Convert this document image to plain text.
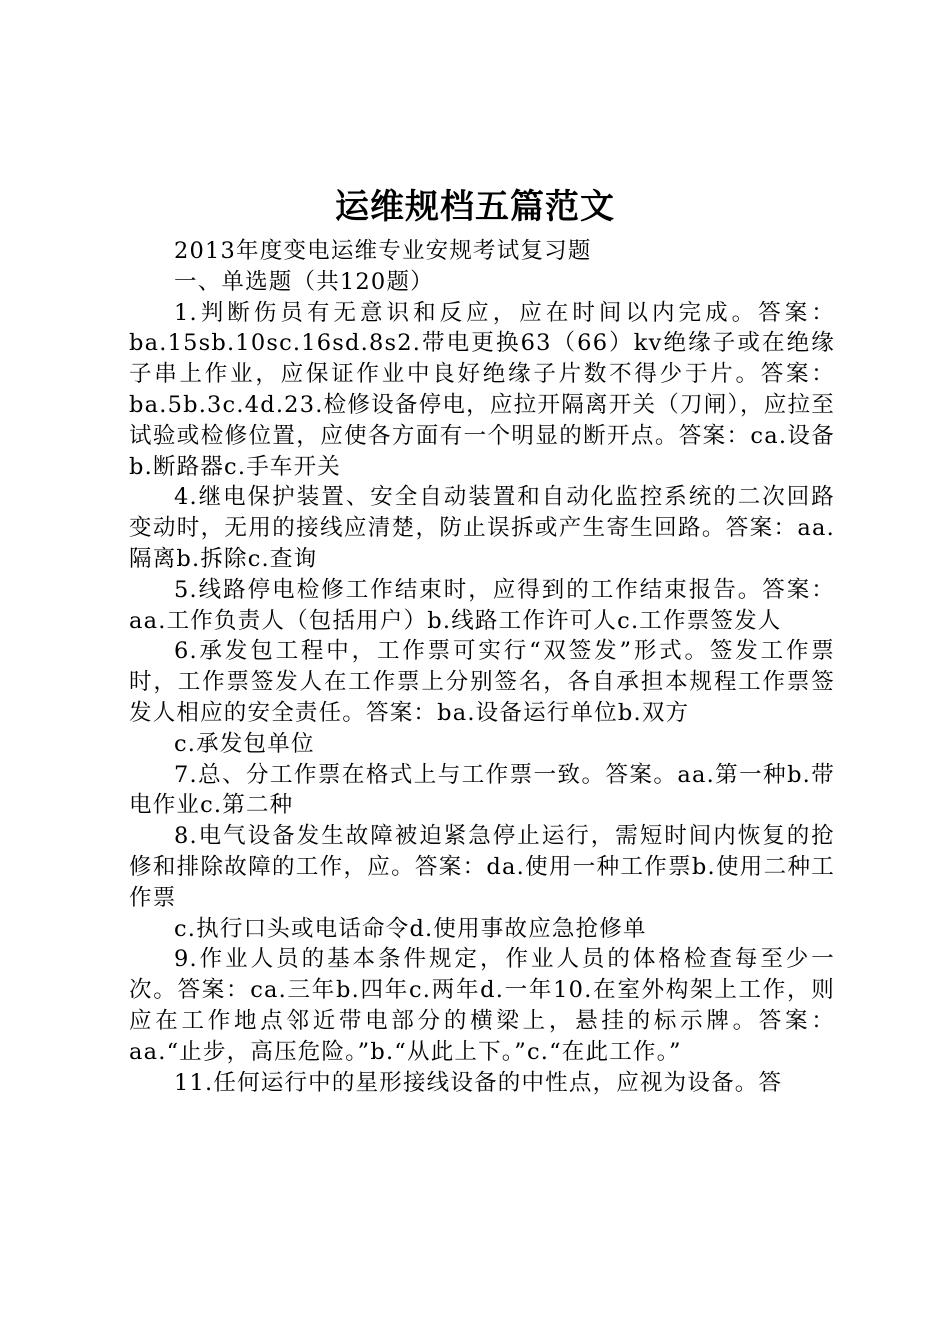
运维规档五篇范文

2013年度变电运维专业安规考试复习题

一、单选题（共120题）

1.判断伤员有无意识和反应，应在时间以内完成。答案：ba.15sb.10sc.16sd.8s2.带电更换63（66）kv绝缘子或在绝缘子串上作业，应保证作业中良好绝缘子片数不得少于片。答案：ba.5b.3c.4d.23.检修设备停电，应拉开隔离开关（刀闸），应拉至试验或检修位置，应使各方面有一个明显的断开点。答案：ca.设备b.断路器c.手车开关

4.继电保护装置、安全自动装置和自动化监控系统的二次回路变动时，无用的接线应清楚，防止误拆或产生寄生回路。答案：aa.隔离b.拆除c.查询

5.线路停电检修工作结束时，应得到的工作结束报告。答案：aa.工作负责人（包括用户）b.线路工作许可人c.工作票签发人

6.承发包工程中，工作票可实行“双签发”形式。签发工作票时，工作票签发人在工作票上分别签名，各自承担本规程工作票签发人相应的安全责任。答案：ba.设备运行单位b.双方

c.承发包单位

7.总、分工作票在格式上与工作票一致。答案。aa.第一种b.带电作业c.第二种

8.电气设备发生故障被迫紧急停止运行，需短时间内恢复的抢修和排除故障的工作，应。答案：da.使用一种工作票b.使用二种工作票

c.执行口头或电话命令d.使用事故应急抢修单

9.作业人员的基本条件规定，作业人员的体格检查每至少一次。答案：ca.三年b.四年c.两年d.一年10.在室外构架上工作，则应在工作地点邻近带电部分的横梁上，悬挂的标示牌。答案：aa.“止步，高压危险。”b.“从此上下。”c.“在此工作。”

11.任何运行中的星形接线设备的中性点，应视为设备。答
